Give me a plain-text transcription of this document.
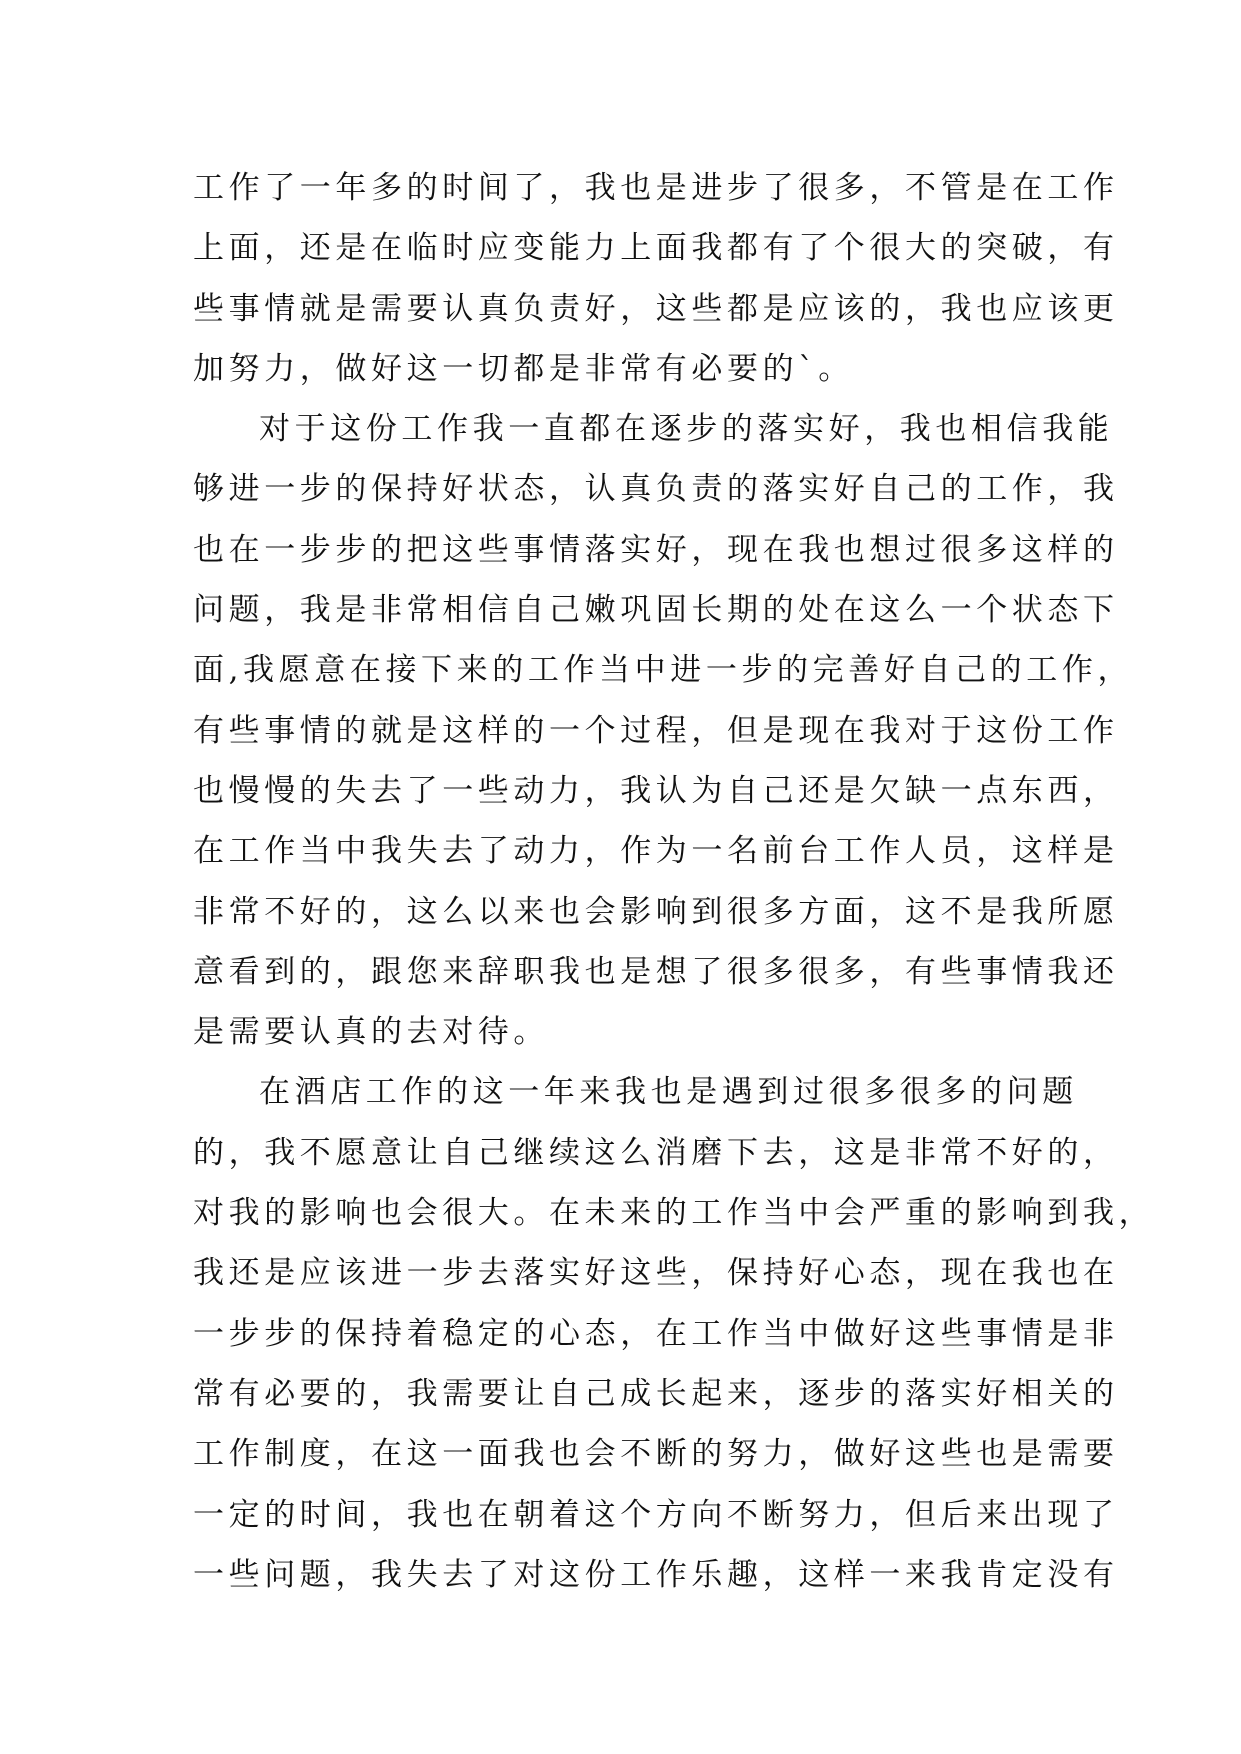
工作了一年多的时间了，我也是进步了很多，不管是在工作
上面，还是在临时应变能力上面我都有了个很大的突破，有
些事情就是需要认真负责好，这些都是应该的，我也应该更
加努力，做好这一切都是非常有必要的`。
对于这份工作我一直都在逐步的落实好，我也相信我能
够进一步的保持好状态，认真负责的落实好自己的工作，我
也在一步步的把这些事情落实好，现在我也想过很多这样的
问题，我是非常相信自己嫩巩固长期的处在这么一个状态下
面,我愿意在接下来的工作当中进一步的完善好自己的工作，
有些事情的就是这样的一个过程，但是现在我对于这份工作
也慢慢的失去了一些动力，我认为自己还是欠缺一点东西，
在工作当中我失去了动力，作为一名前台工作人员，这样是
非常不好的，这么以来也会影响到很多方面，这不是我所愿
意看到的，跟您来辞职我也是想了很多很多，有些事情我还
是需要认真的去对待。
在酒店工作的这一年来我也是遇到过很多很多的问题
的，我不愿意让自己继续这么消磨下去，这是非常不好的，
对我的影响也会很大。在未来的工作当中会严重的影响到我，
我还是应该进一步去落实好这些，保持好心态，现在我也在
一步步的保持着稳定的心态，在工作当中做好这些事情是非
常有必要的，我需要让自己成长起来，逐步的落实好相关的
工作制度，在这一面我也会不断的努力，做好这些也是需要
一定的时间，我也在朝着这个方向不断努力，但后来出现了
一些问题，我失去了对这份工作乐趣，这样一来我肯定没有
